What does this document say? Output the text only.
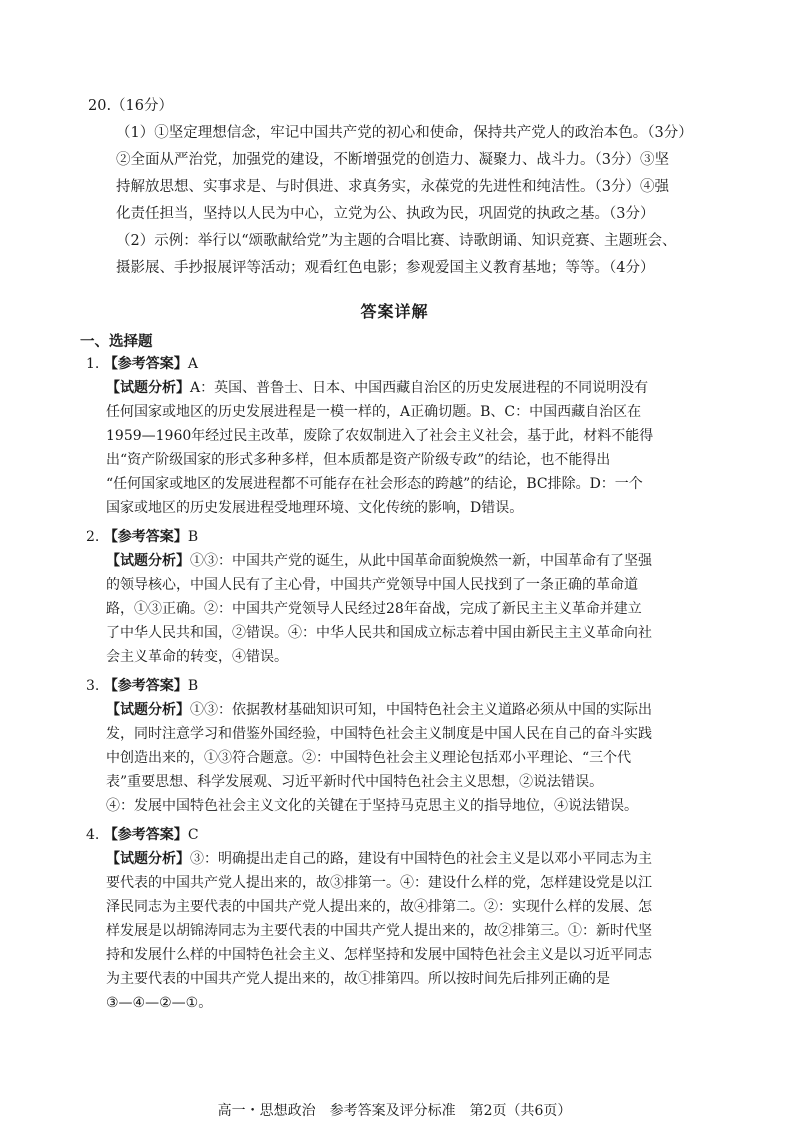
20.（16分）
（1）①坚定理想信念，牢记中国共产党的初心和使命，保持共产党人的政治本色。（3分）
②全面从严治党，加强党的建设，不断增强党的创造力、凝聚力、战斗力。（3分）③坚
持解放思想、实事求是、与时俱进、求真务实，永葆党的先进性和纯洁性。（3分）④强
化责任担当，坚持以人民为中心，立党为公、执政为民，巩固党的执政之基。（3分）
（2）示例：举行以“颂歌献给党”为主题的合唱比赛、诗歌朗诵、知识竞赛、主题班会、
摄影展、手抄报展评等活动；观看红色电影；参观爱国主义教育基地；等等。（4分）
答案详解
一、选择题
1. 【参考答案】A
【试题分析】A：英国、普鲁士、日本、中国西藏自治区的历史发展进程的不同说明没有
任何国家或地区的历史发展进程是一模一样的，A正确切题。B、C：中国西藏自治区在
1959—1960年经过民主改革，废除了农奴制进入了社会主义社会，基于此，材料不能得
出“资产阶级国家的形式多种多样，但本质都是资产阶级专政”的结论，也不能得出
“任何国家或地区的发展进程都不可能存在社会形态的跨越”的结论，BC排除。D：一个
国家或地区的历史发展进程受地理环境、文化传统的影响，D错误。
2. 【参考答案】B
【试题分析】①③：中国共产党的诞生，从此中国革命面貌焕然一新，中国革命有了坚强
的领导核心，中国人民有了主心骨，中国共产党领导中国人民找到了一条正确的革命道
路，①③正确。②：中国共产党领导人民经过28年奋战，完成了新民主主义革命并建立
了中华人民共和国，②错误。④：中华人民共和国成立标志着中国由新民主主义革命向社
会主义革命的转变，④错误。
3. 【参考答案】B
【试题分析】①③：依据教材基础知识可知，中国特色社会主义道路必须从中国的实际出
发，同时注意学习和借鉴外国经验，中国特色社会主义制度是中国人民在自己的奋斗实践
中创造出来的，①③符合题意。②：中国特色社会主义理论包括邓小平理论、“三个代
表”重要思想、科学发展观、习近平新时代中国特色社会主义思想，②说法错误。
④：发展中国特色社会主义文化的关键在于坚持马克思主义的指导地位，④说法错误。
4. 【参考答案】C
【试题分析】③：明确提出走自己的路，建设有中国特色的社会主义是以邓小平同志为主
要代表的中国共产党人提出来的，故③排第一。④：建设什么样的党，怎样建设党是以江
泽民同志为主要代表的中国共产党人提出来的，故④排第二。②：实现什么样的发展、怎
样发展是以胡锦涛同志为主要代表的中国共产党人提出来的，故②排第三。①：新时代坚
持和发展什么样的中国特色社会主义、怎样坚持和发展中国特色社会主义是以习近平同志
为主要代表的中国共产党人提出来的，故①排第四。所以按时间先后排列正确的是
③—④—②—①。
高一・思想政治　参考答案及评分标准　第2页（共6页）
